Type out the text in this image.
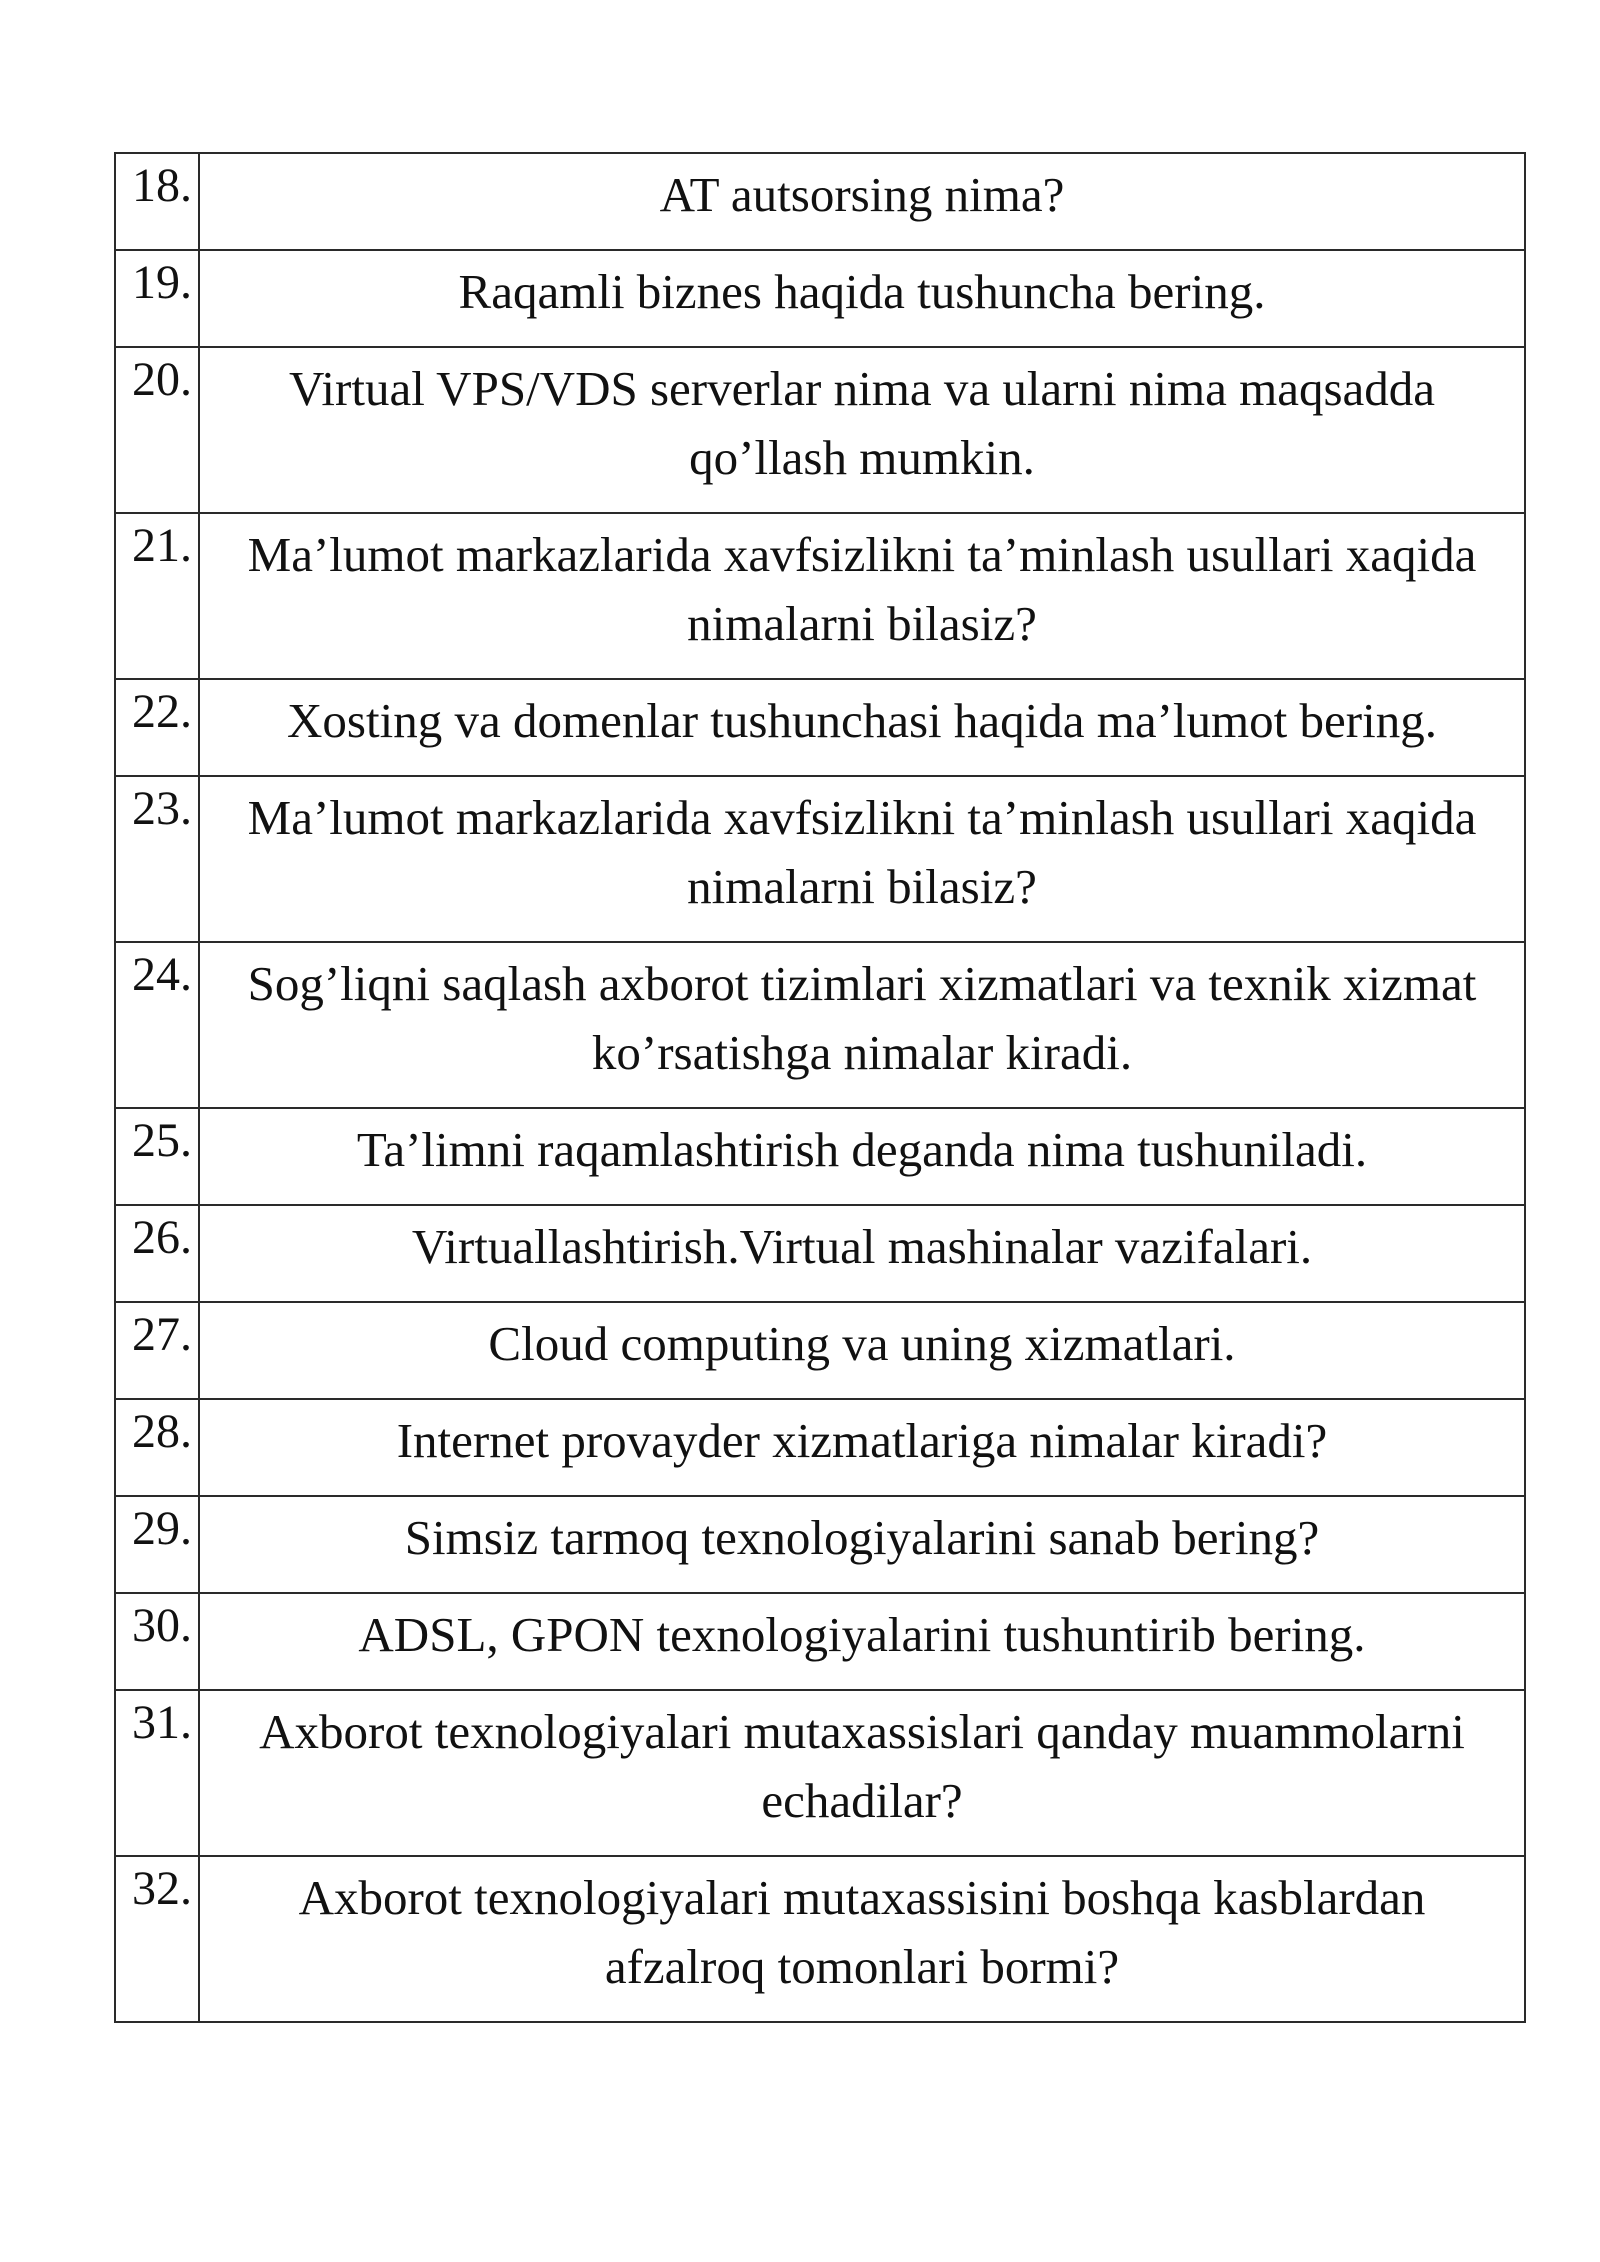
18.	AT autsorsing nima?
19.	Raqamli biznes haqida tushuncha bering.
20.	Virtual VPS/VDS serverlar nima va ularni nima maqsadda qo’llash mumkin.
21.	Ma’lumot markazlarida xavfsizlikni ta’minlash usullari xaqida nimalarni bilasiz?
22.	Xosting va domenlar tushunchasi haqida ma’lumot bering.
23.	Ma’lumot markazlarida xavfsizlikni ta’minlash usullari xaqida nimalarni bilasiz?
24.	Sog’liqni saqlash axborot tizimlari xizmatlari va texnik xizmat ko’rsatishga nimalar kiradi.
25.	Ta’limni raqamlashtirish deganda nima tushuniladi.
26.	Virtuallashtirish.Virtual mashinalar vazifalari.
27.	Cloud computing va uning xizmatlari.
28.	Internet provayder xizmatlariga nimalar kiradi?
29.	Simsiz tarmoq texnologiyalarini sanab bering?
30.	ADSL, GPON texnologiyalarini tushuntirib bering.
31.	Axborot texnologiyalari mutaxassislari qanday muammolarni echadilar?
32.	Axborot texnologiyalari mutaxassisini boshqa kasblardan afzalroq tomonlari bormi?
